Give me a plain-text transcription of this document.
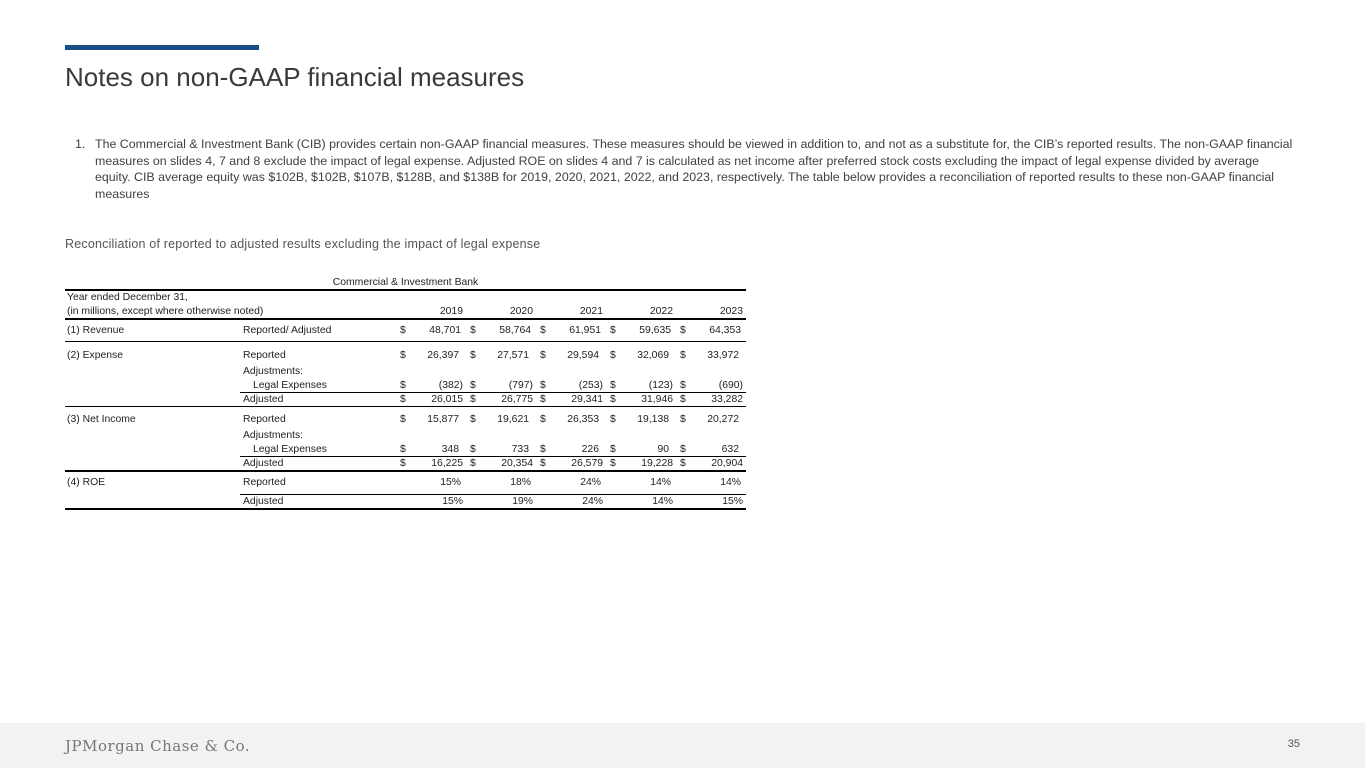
Notes on non-GAAP financial measures
1. The Commercial & Investment Bank (CIB) provides certain non-GAAP financial measures. These measures should be viewed in addition to, and not as a substitute for, the CIB’s reported results. The non-GAAP financial measures on slides 4, 7 and 8 exclude the impact of legal expense. Adjusted ROE on slides 4 and 7 is calculated as net income after preferred stock costs excluding the impact of legal expense divided by average equity. CIB average equity was $102B, $102B, $107B, $128B, and $138B for 2019, 2020, 2021, 2022, and 2023, respectively. The table below provides a reconciliation of reported results to these non-GAAP financial measures
Reconciliation of reported to adjusted results excluding the impact of legal expense
Commercial & Investment Bank
Year ended December 31,
(in millions, except where otherwise noted)	2019	2020	2021	2022	2023
(1) Revenue	Reported/ Adjusted	$	48,701 $	58,764 $	61,951 $	59,635 $	64,353
(2) Expense	Reported	$	26,397 $	27,571 $	29,594 $	32,069 $	33,972
Adjustments:
Legal Expenses	$	(382) $	(797) $	(253) $	(123) $	(690)
Adjusted	$	26,015 $	26,775 $	29,341 $	31,946 $	33,282
(3) Net Income	Reported	$	15,877 $	19,621 $	26,353 $	19,138 $	20,272
Adjustments:
Legal Expenses	$	348 $	733 $	226 $	90 $	632
Adjusted	$	16,225 $	20,354 $	26,579 $	19,228 $	20,904
(4) ROE	Reported	15%	18%	24%	14%	14%
Adjusted	15%	19%	24%	14%	15%
JPMorgan Chase & Co.	35
